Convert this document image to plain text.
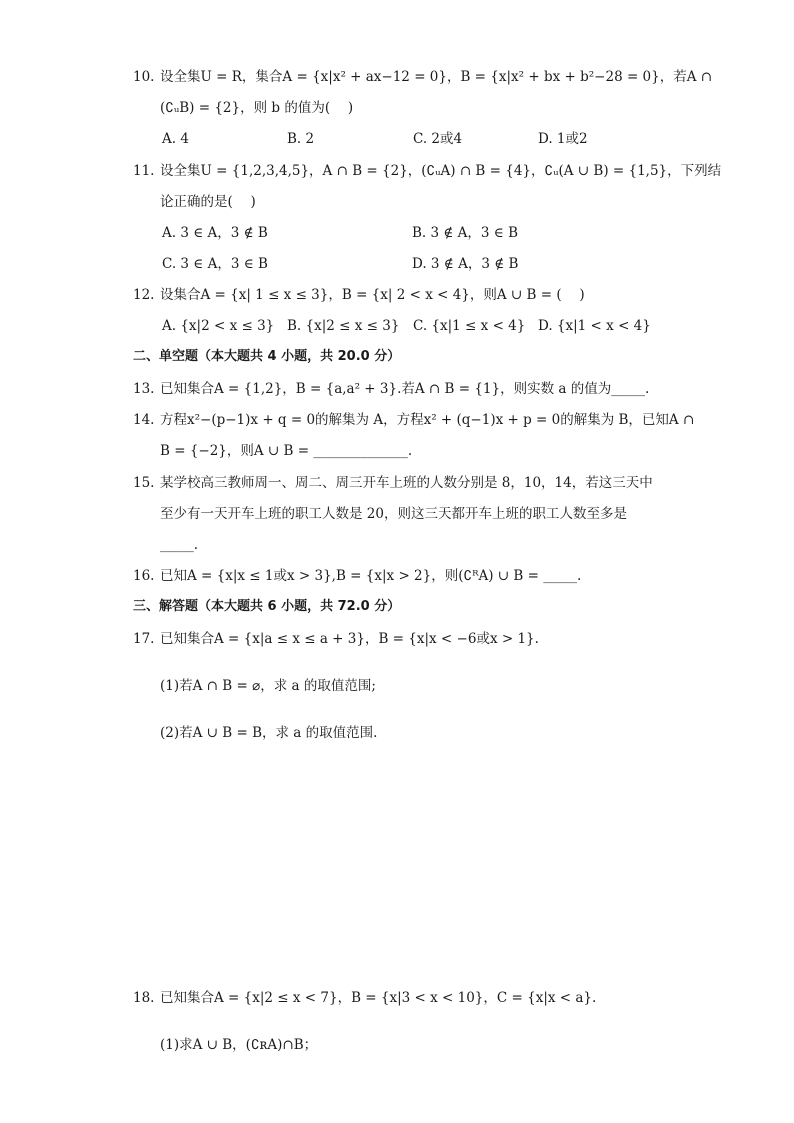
10. 设全集U = R，集合A = {x|x² + ax−12 = 0}，B = {x|x² + bx + b²−28 = 0}，若A ∩
(∁ᵤB) = {2}，则 b 的值为(　 )
A. 4	B. 2	C. 2或4	D. 1或2
11. 设全集U = {1,2,3,4,5}，A ∩ B = {2}，(∁ᵤA) ∩ B = {4}，∁ᵤ(A ∪ B) = {1,5}，下列结
论正确的是(　 )
A. 3 ∈ A，3 ∉ B	B. 3 ∉ A，3 ∈ B
C. 3 ∈ A，3 ∈ B	D. 3 ∉ A，3 ∉ B
12. 设集合A = {x| 1 ≤ x ≤ 3}，B = {x| 2 < x < 4}，则A ∪ B = (　 )
A. {x|2 < x ≤ 3} B. {x|2 ≤ x ≤ 3} C. {x|1 ≤ x < 4} D. {x|1 < x < 4}
二、单空题（本大题共 4 小题，共 20.0 分）
13. 已知集合A = {1,2}，B = {a,a² + 3}.若A ∩ B = {1}，则实数 a 的值为_____.
14. 方程x²−(p−1)x + q = 0的解集为 A，方程x² + (q−1)x + p = 0的解集为 B，已知A ∩
B = {−2}，则A ∪ B = ______________.
15. 某学校高三教师周一、周二、周三开车上班的人数分别是 8，10，14，若这三天中
至少有一天开车上班的职工人数是 20，则这三天都开车上班的职工人数至多是
_____.
16. 已知A = {x|x ≤ 1或x > 3},B = {x|x > 2}，则(∁ᴿA) ∪ B = _____.
三、解答题（本大题共 6 小题，共 72.0 分）
17. 已知集合A = {x|a ≤ x ≤ a + 3}，B = {x|x < −6或x > 1}.
(1)若A ∩ B = ⌀，求 a 的取值范围;
(2)若A ∪ B = B，求 a 的取值范围.
18. 已知集合A = {x|2 ≤ x < 7}，B = {x|3 < x < 10}，C = {x|x < a}.
(1)求A ∪ B，(∁ʀA)∩B；
